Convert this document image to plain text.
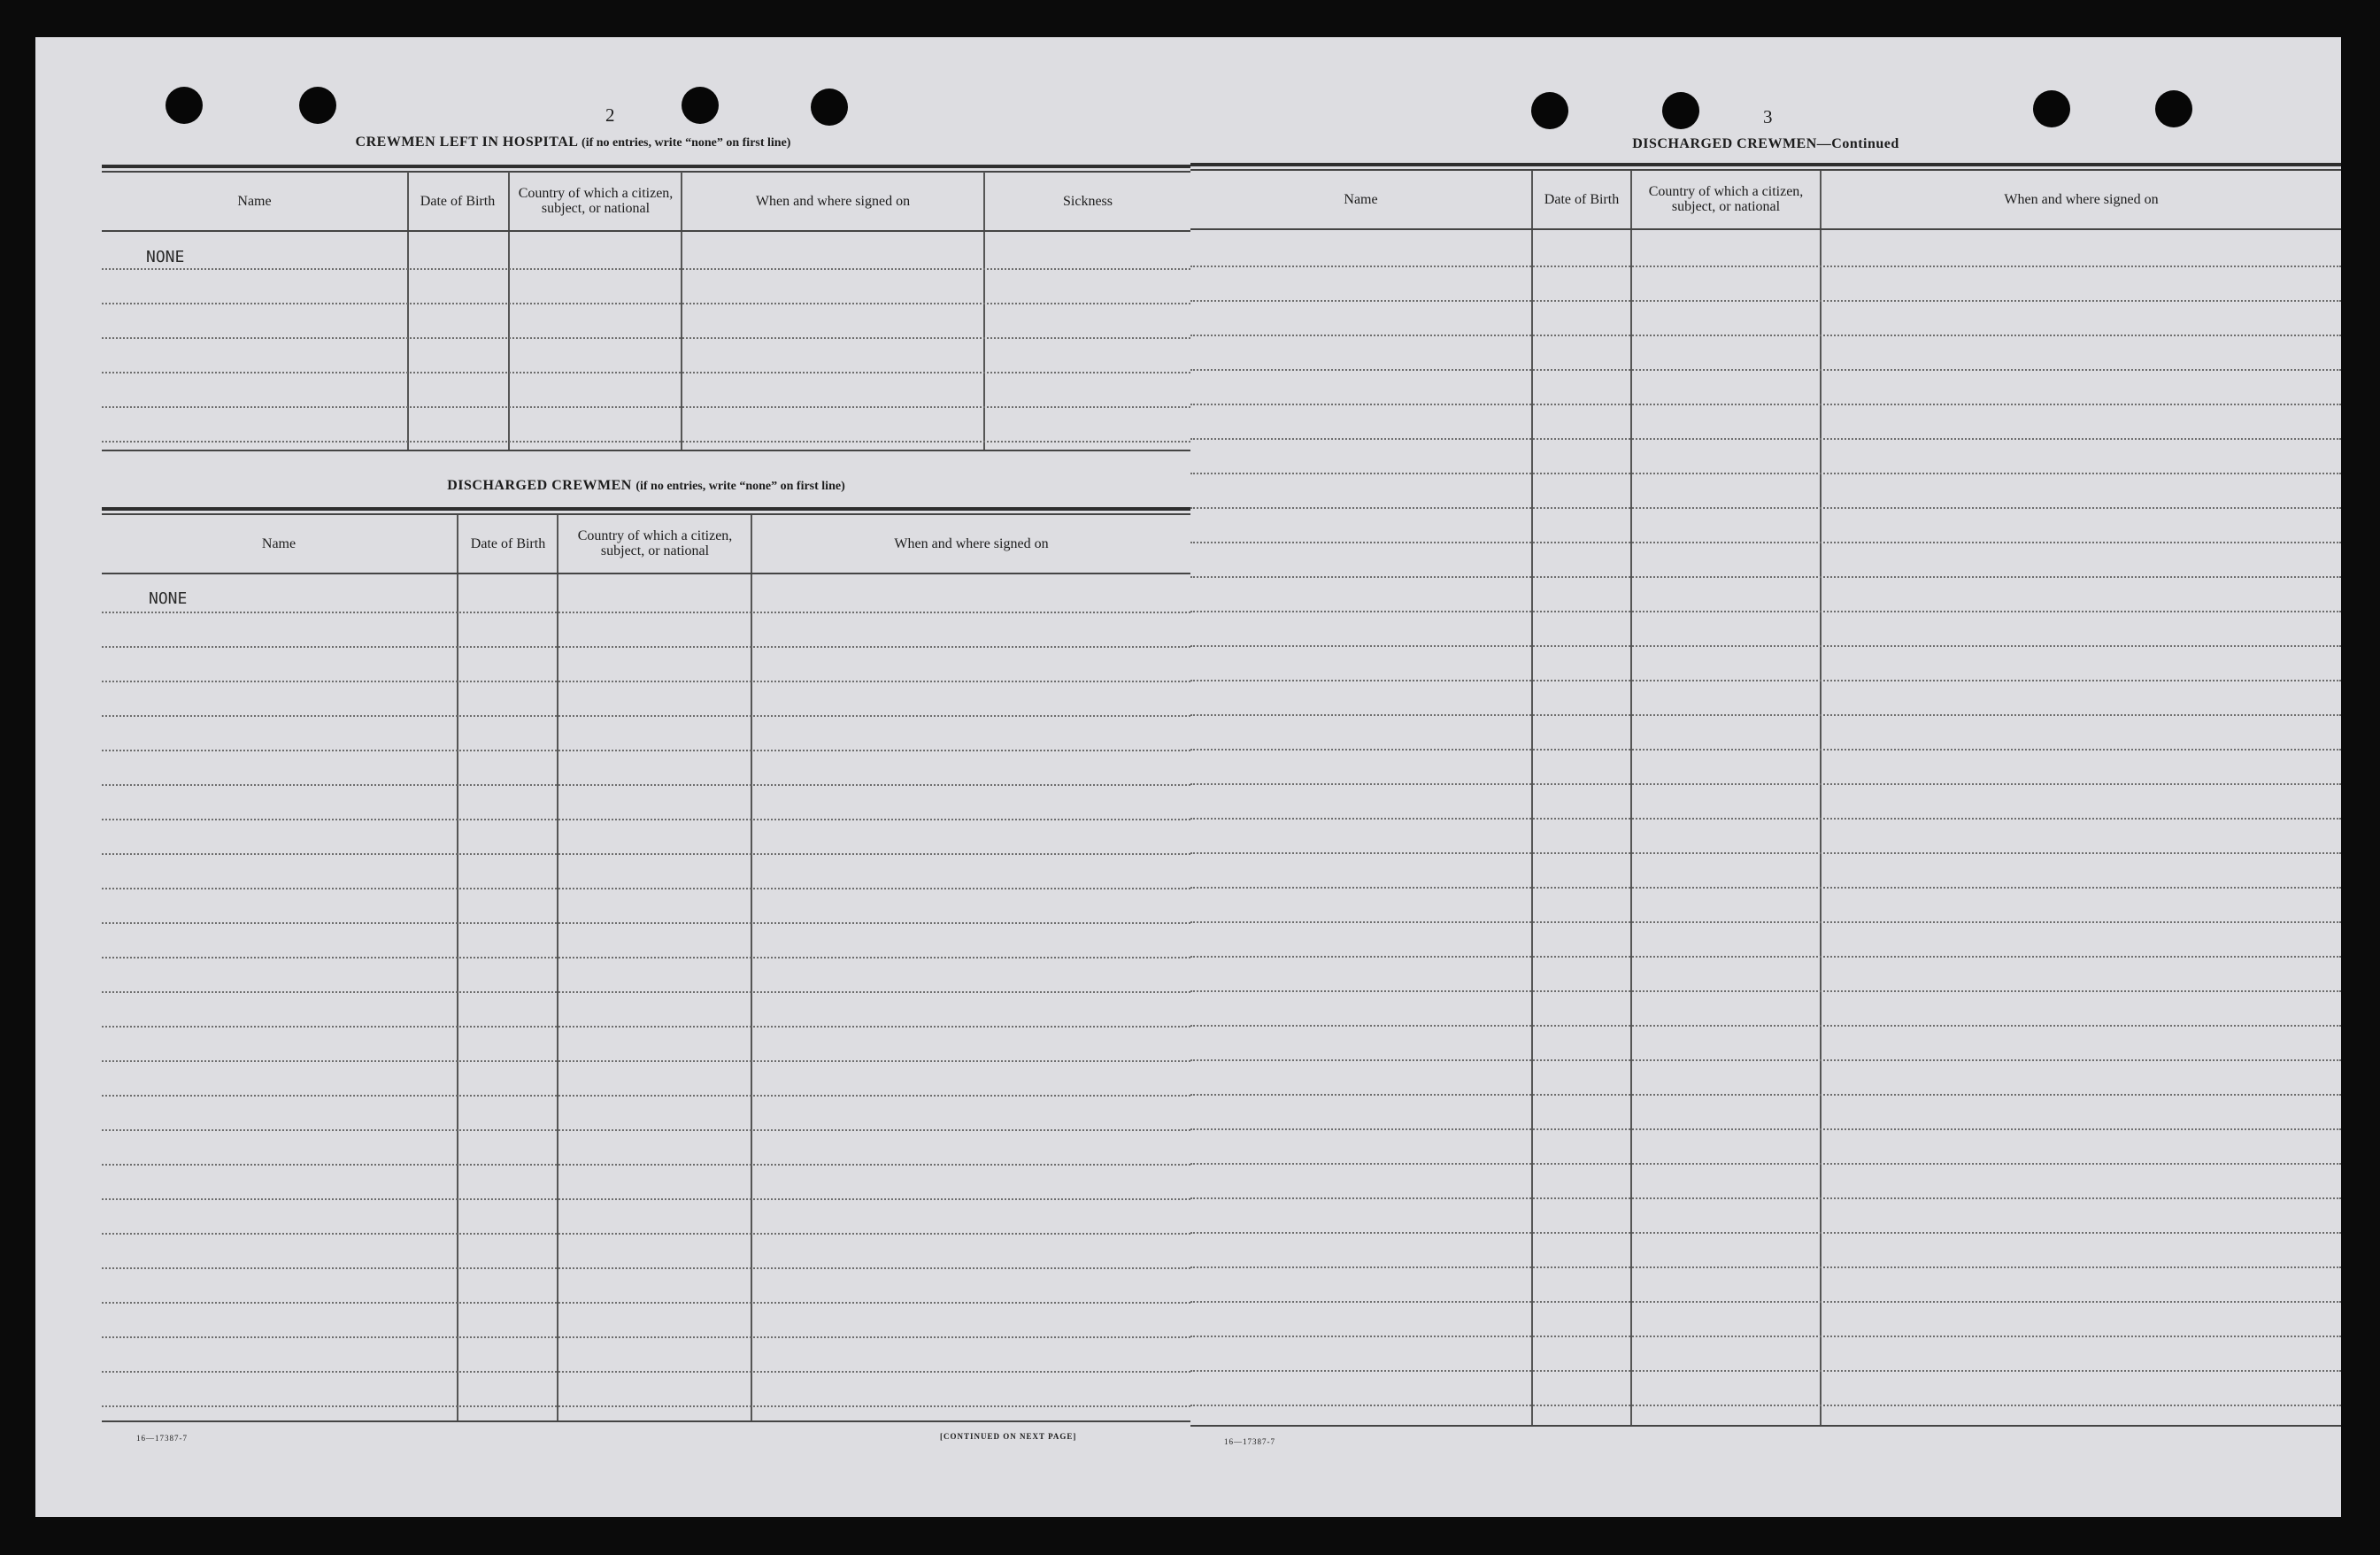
2
CREWMEN LEFT IN HOSPITAL (if no entries, write “none” on first line)
Name	Date of Birth	Country of which a citizen, subject, or national	When and where signed on	Sickness
NONE
DISCHARGED CREWMEN (if no entries, write “none” on first line)
Name	Date of Birth	Country of which a citizen, subject, or national	When and where signed on
NONE
16—17387-7	[CONTINUED ON NEXT PAGE]
3
DISCHARGED CREWMEN—Continued
Name	Date of Birth	Country of which a citizen, subject, or national	When and where signed on
16—17387-7
